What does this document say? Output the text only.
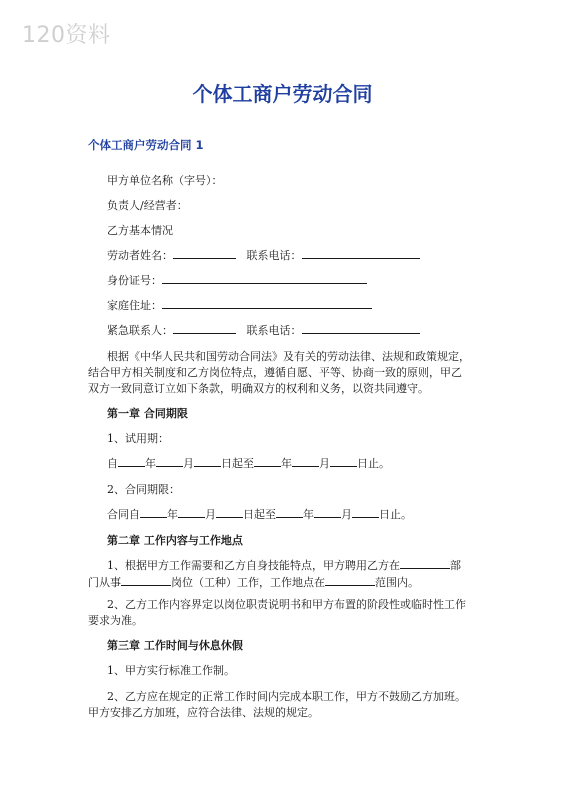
120资料
个体工商户劳动合同
个体工商户劳动合同 1
甲方单位名称（字号）：
负责人/经营者：
乙方基本情况
劳动者姓名：	联系电话：
身份证号：
家庭住址：
紧急联系人：	联系电话：
根据《中华人民共和国劳动合同法》及有关的劳动法律、法规和政策规定，
结合甲方相关制度和乙方岗位特点，遵循自愿、平等、协商一致的原则，甲乙
双方一致同意订立如下条款，明确双方的权利和义务，以资共同遵守。
第一章 合同期限
1、试用期：
自 年 月 日起至 年 月 日止。
2、合同期限：
合同自 年 月 日起至 年 月 日止。
第二章 工作内容与工作地点
1、根据甲方工作需要和乙方自身技能特点，甲方聘用乙方在	部
门从事	岗位（工种）工作，工作地点在	范围内。
2、乙方工作内容界定以岗位职责说明书和甲方布置的阶段性或临时性工作
要求为准。
第三章 工作时间与休息休假
1、甲方实行标准工作制。
2、乙方应在规定的正常工作时间内完成本职工作，甲方不鼓励乙方加班。
甲方安排乙方加班，应符合法律、法规的规定。
